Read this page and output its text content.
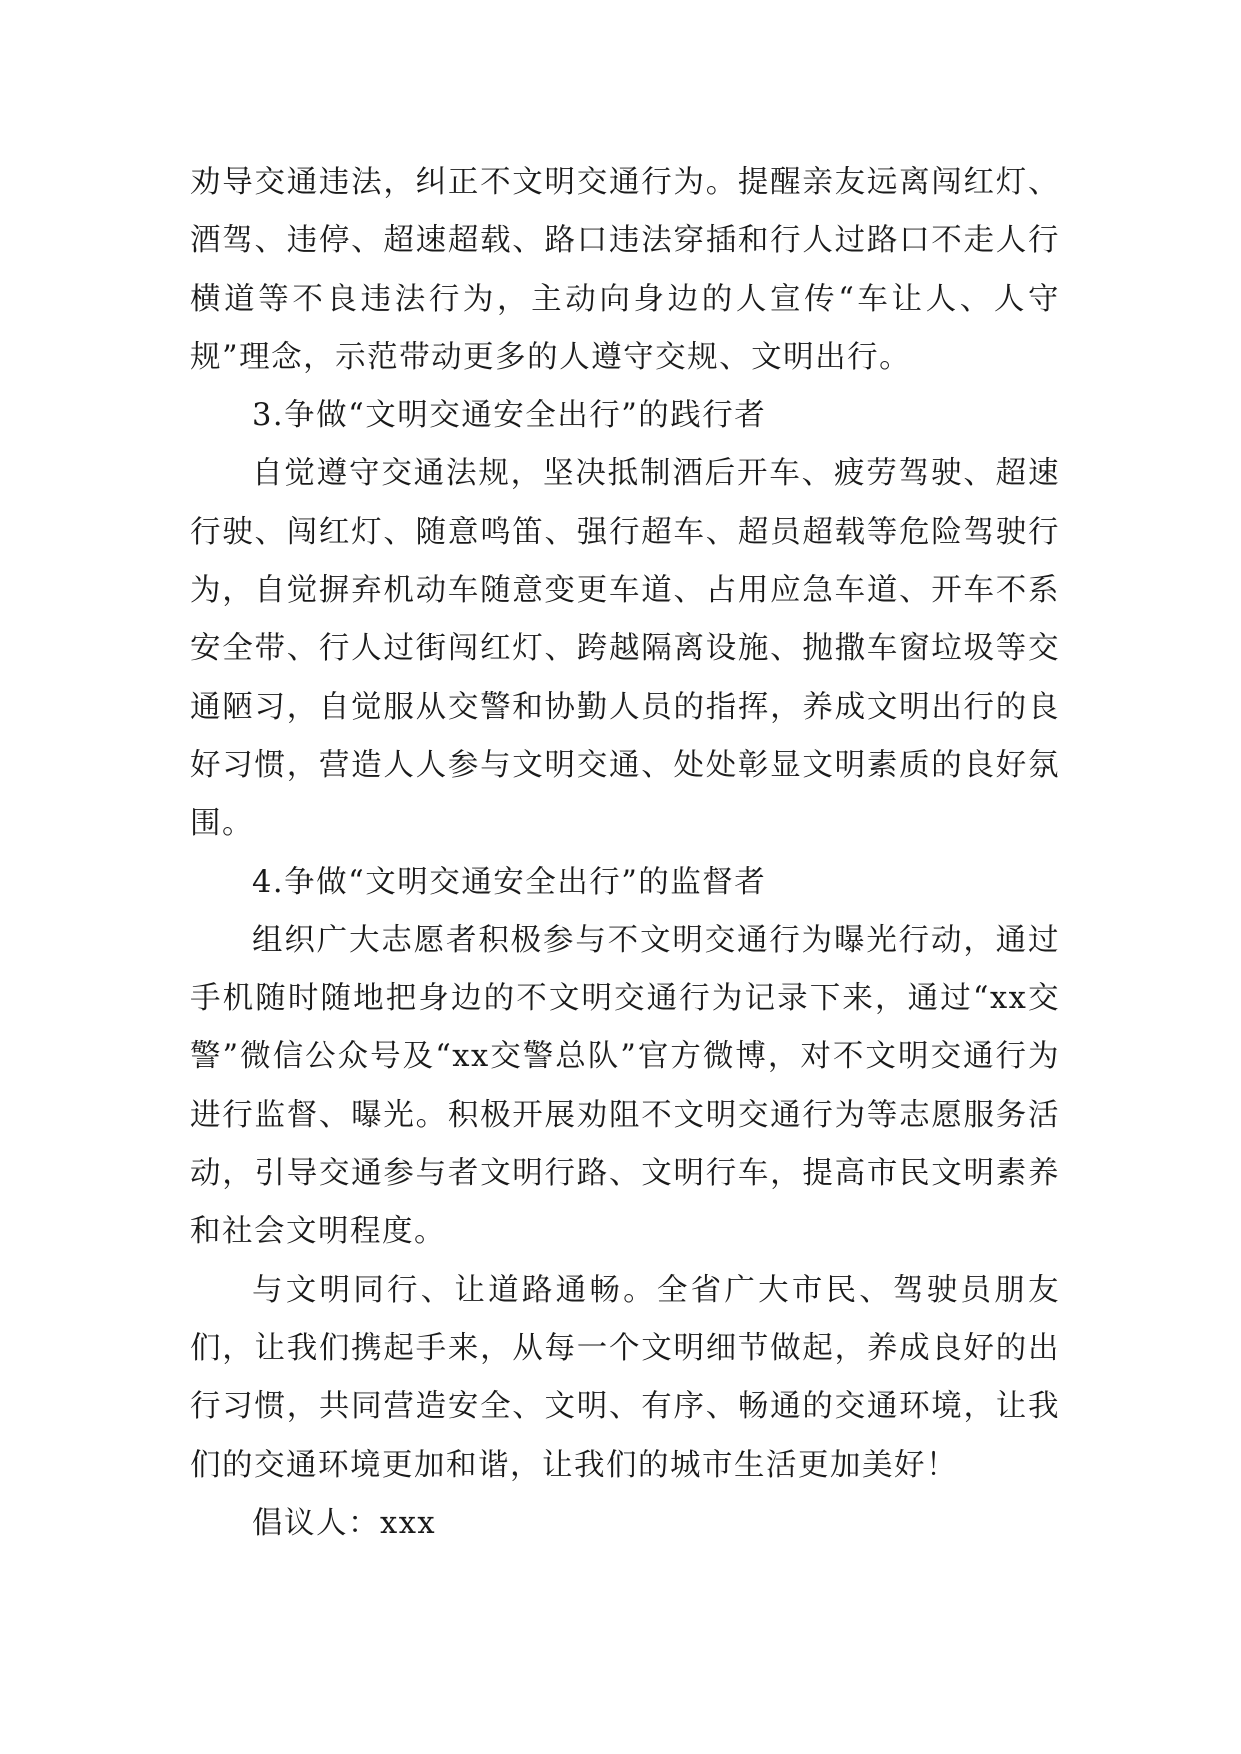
劝导交通违法，纠正不文明交通行为。提醒亲友远离闯红灯、酒驾、违停、超速超载、路口违法穿插和行人过路口不走人行横道等不良违法行为，主动向身边的人宣传“车让人、人守规”理念，示范带动更多的人遵守交规、文明出行。

3.争做“文明交通安全出行”的践行者

自觉遵守交通法规，坚决抵制酒后开车、疲劳驾驶、超速行驶、闯红灯、随意鸣笛、强行超车、超员超载等危险驾驶行为，自觉摒弃机动车随意变更车道、占用应急车道、开车不系安全带、行人过街闯红灯、跨越隔离设施、抛撒车窗垃圾等交通陋习，自觉服从交警和协勤人员的指挥，养成文明出行的良好习惯，营造人人参与文明交通、处处彰显文明素质的良好氛围。

4.争做“文明交通安全出行”的监督者

组织广大志愿者积极参与不文明交通行为曝光行动，通过手机随时随地把身边的不文明交通行为记录下来，通过“xx交警”微信公众号及“xx交警总队”官方微博，对不文明交通行为进行监督、曝光。积极开展劝阻不文明交通行为等志愿服务活动，引导交通参与者文明行路、文明行车，提高市民文明素养和社会文明程度。

与文明同行、让道路通畅。全省广大市民、驾驶员朋友们，让我们携起手来，从每一个文明细节做起，养成良好的出行习惯，共同营造安全、文明、有序、畅通的交通环境，让我们的交通环境更加和谐，让我们的城市生活更加美好！

倡议人：xxx
